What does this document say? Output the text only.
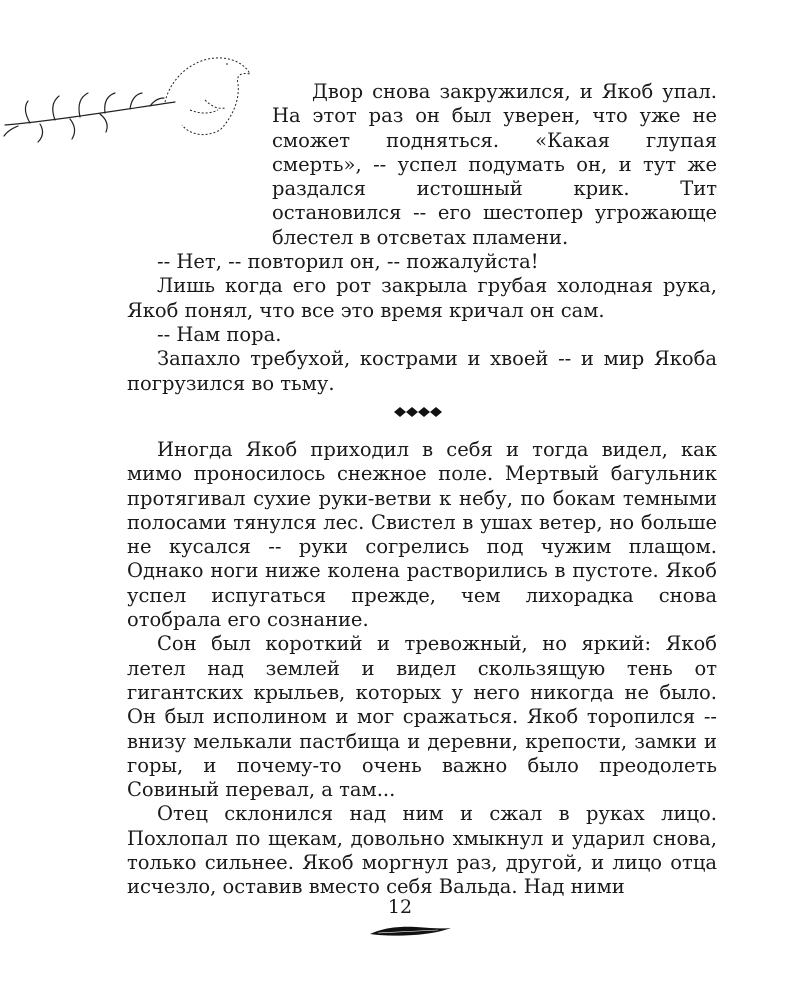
Двор снова закружился, и Якоб упал. На этот раз он был уверен, что уже не сможет подняться. «Какая глупая смерть», -- успел подумать он, и тут же раздался истошный крик. Тит остановился -- его шестопер угрожающе блестел в отсветах пламени.

-- Нет, -- повторил он, -- пожалуйста!

Лишь когда его рот закрыла грубая холодная рука, Якоб понял, что все это время кричал он сам.

-- Нам пора.

Запахло требухой, кострами и хвоей -- и мир Якоба погрузился во тьму.

Иногда Якоб приходил в себя и тогда видел, как мимо проносилось снежное поле. Мертвый багульник протягивал сухие руки-ветви к небу, по бокам темными полосами тянулся лес. Свистел в ушах ветер, но больше не кусался -- руки согрелись под чужим плащом. Однако ноги ниже колена растворились в пустоте. Якоб успел испугаться прежде, чем лихорадка снова отобрала его сознание.

Сон был короткий и тревожный, но яркий: Якоб летел над землей и видел скользящую тень от гигантских крыльев, которых у него никогда не было. Он был исполином и мог сражаться. Якоб торопился -- внизу мелькали пастбища и деревни, крепости, замки и горы, и почему-то очень важно было преодолеть Совиный перевал, а там...

Отец склонился над ним и сжал в руках лицо. Похлопал по щекам, довольно хмыкнул и ударил снова, только сильнее. Якоб моргнул раз, другой, и лицо отца исчезло, оставив вместо себя Вальда. Над ними

12
